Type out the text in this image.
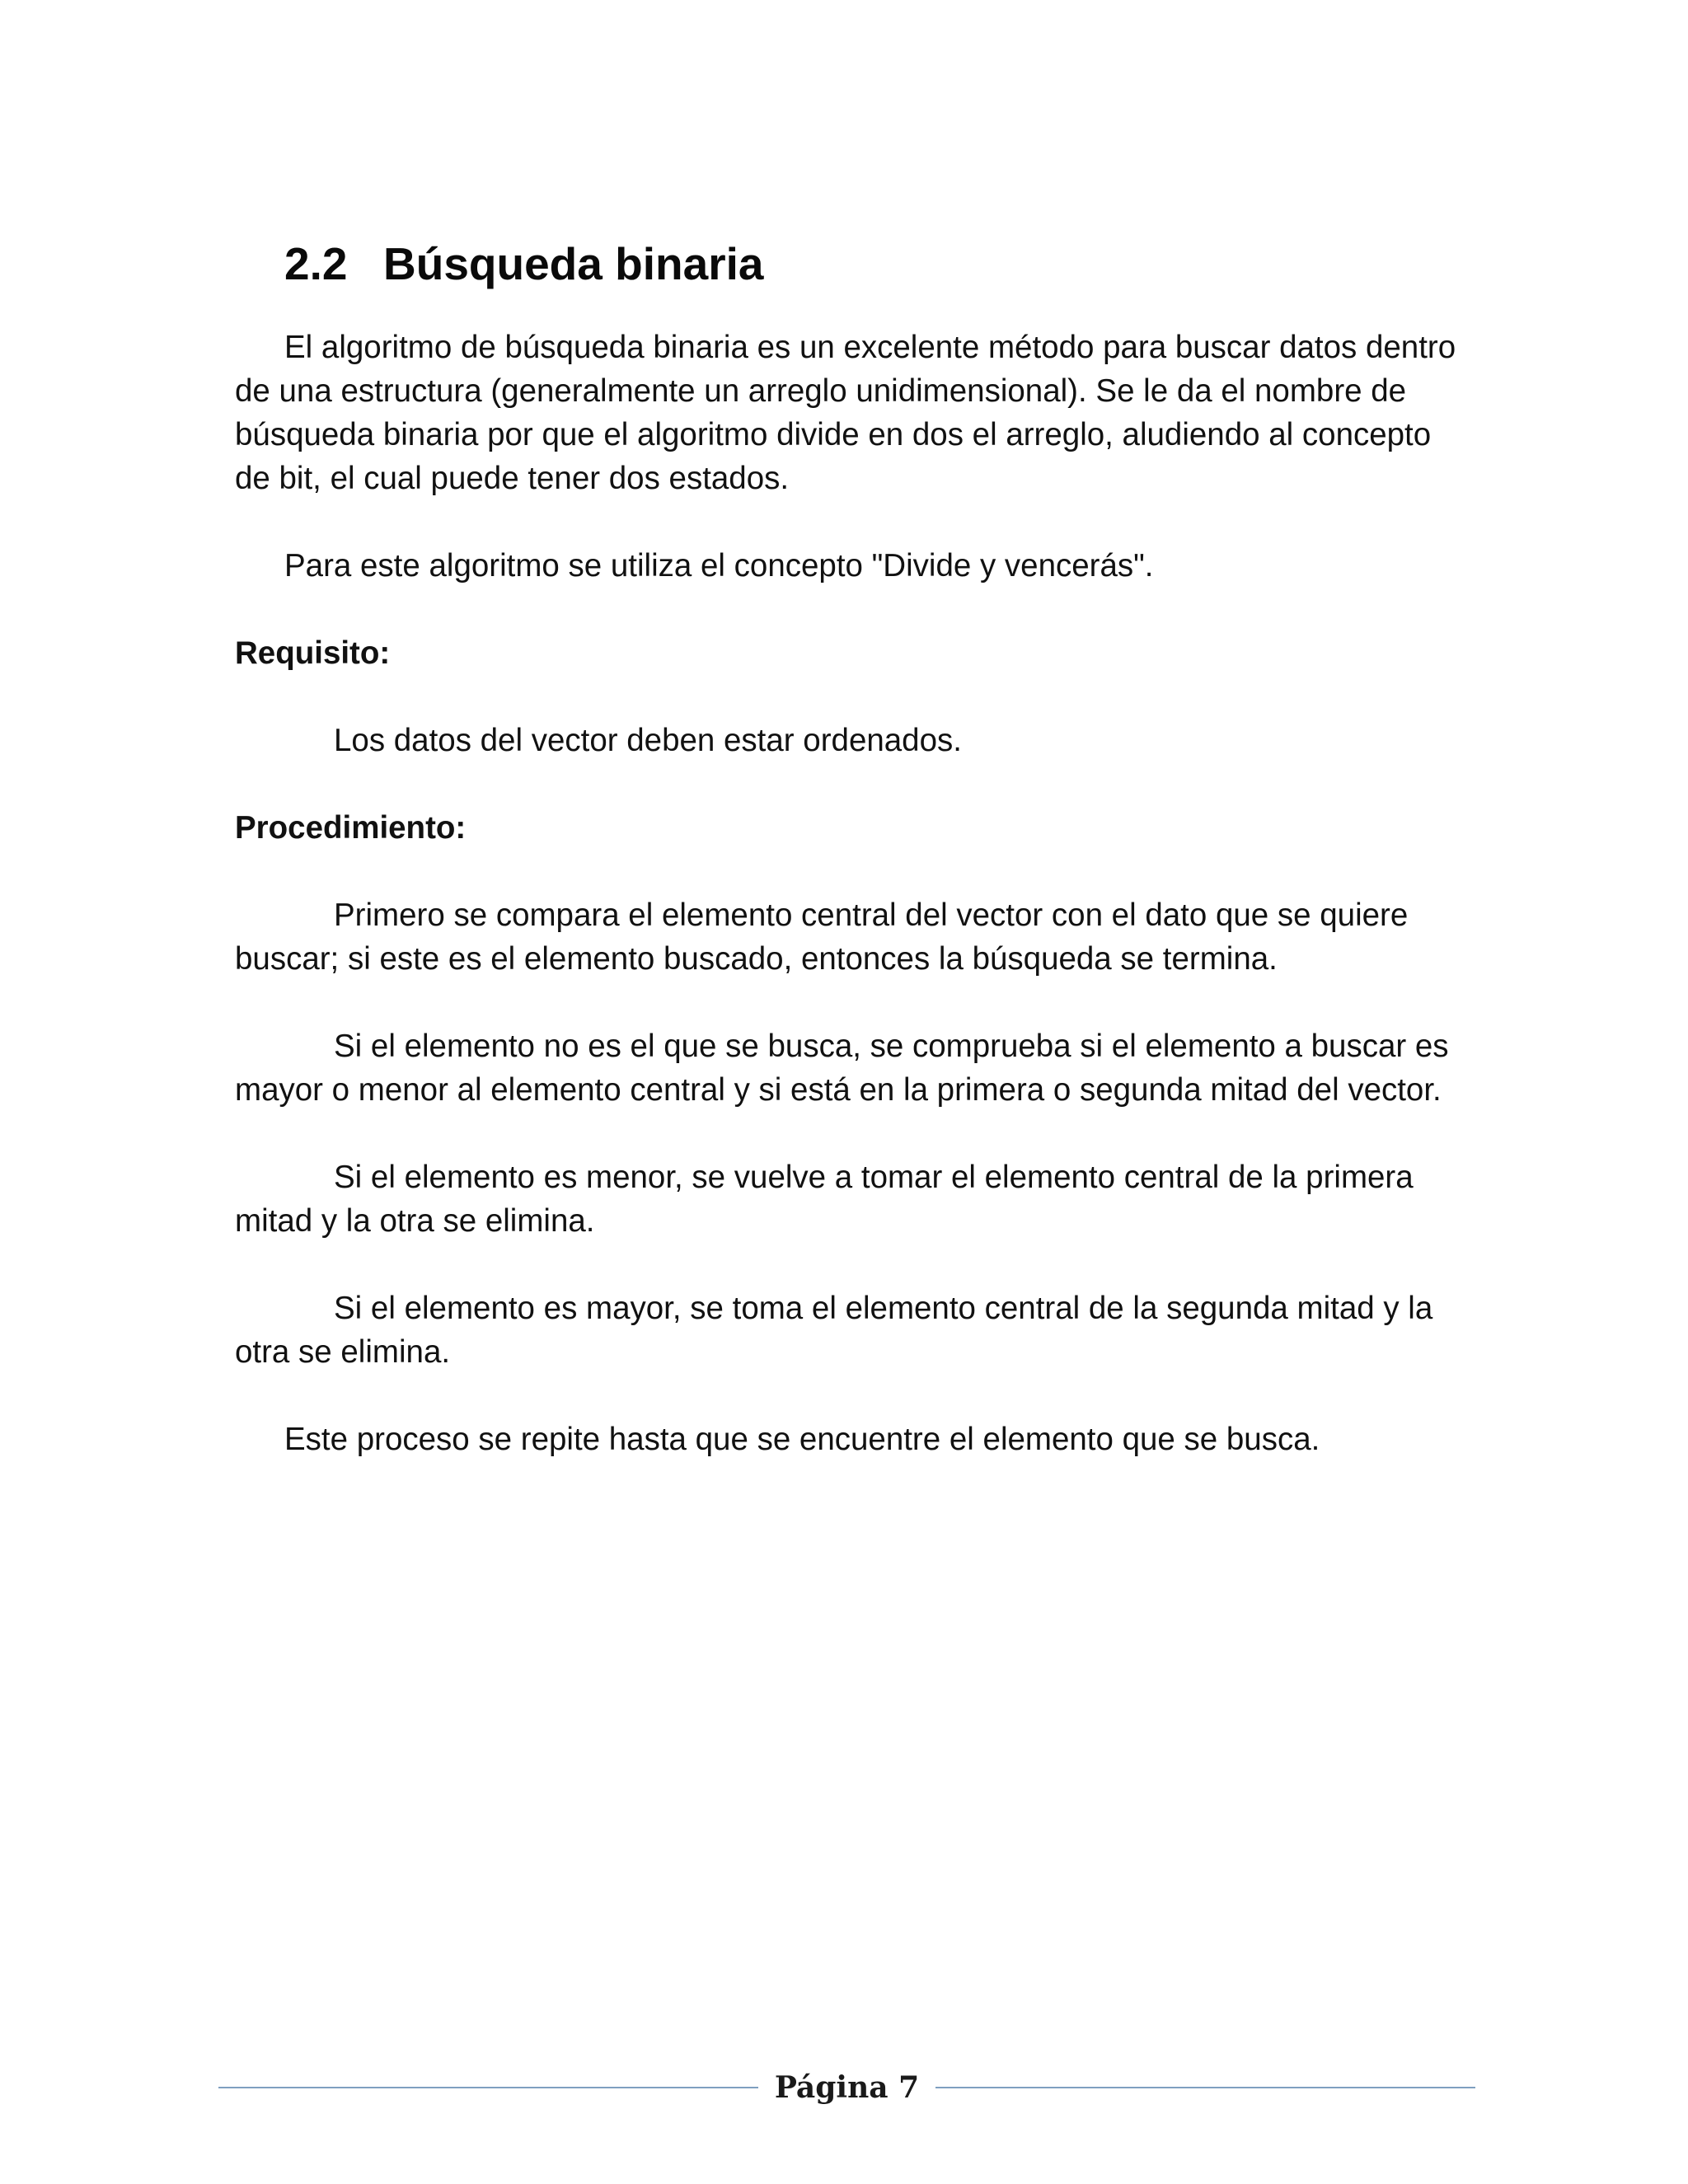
2.2 Búsqueda binaria

El algoritmo de búsqueda binaria es un excelente método para buscar datos dentro de una estructura (generalmente un arreglo unidimensional). Se le da el nombre de búsqueda binaria por que el algoritmo divide en dos el arreglo, aludiendo al concepto de bit, el cual puede tener dos estados.

Para este algoritmo se utiliza el concepto "Divide y vencerás".

Requisito:

Los datos del vector deben estar ordenados.

Procedimiento:

Primero se compara el elemento central del vector con el dato que se quiere buscar; si este es el elemento buscado, entonces la búsqueda se termina.

Si el elemento no es el que se busca, se comprueba si el elemento a buscar es mayor o menor al elemento central y si está en la primera o segunda mitad del vector.

Si el elemento es menor, se vuelve a tomar el elemento central de la primera mitad y la otra se elimina.

Si el elemento es mayor, se toma el elemento central de la segunda mitad y la otra se elimina.

Este proceso se repite hasta que se encuentre el elemento que se busca.

Página 7
